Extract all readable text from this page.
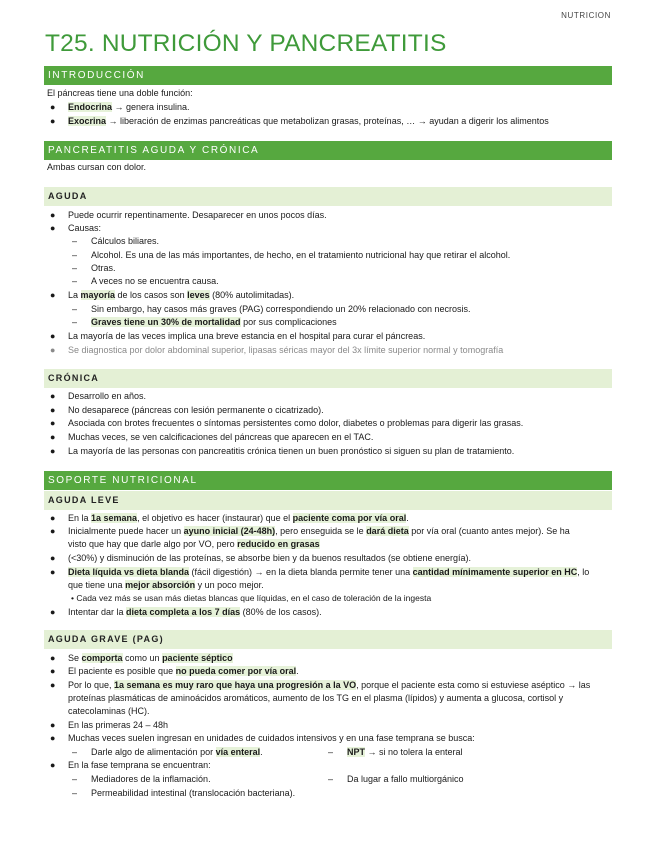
NUTRICION
T25. NUTRICIÓN Y PANCREATITIS
INTRODUCCIÓN
El páncreas tiene una doble función:
● Endocrina → genera insulina.
● Exocrina → liberación de enzimas pancreáticas que metabolizan grasas, proteínas, … → ayudan a digerir los alimentos
PANCREATITIS AGUDA Y CRÓNICA
Ambas cursan con dolor.
AGUDA
● Puede ocurrir repentinamente. Desaparecer en unos pocos días.
● Causas:
– Cálculos biliares.
– Alcohol. Es una de las más importantes, de hecho, en el tratamiento nutricional hay que retirar el alcohol.
– Otras.
– A veces no se encuentra causa.
● La mayoría de los casos son leves (80% autolimitadas).
– Sin embargo, hay casos más graves (PAG) correspondiendo un 20% relacionado con necrosis.
– Graves tiene un 30% de mortalidad por sus complicaciones
● La mayoría de las veces implica una breve estancia en el hospital para curar el páncreas.
● Se diagnostica por dolor abdominal superior, lipasas séricas mayor del 3x límite superior normal y tomografía
CRÓNICA
● Desarrollo en años.
● No desaparece (páncreas con lesión permanente o cicatrizado).
● Asociada con brotes frecuentes o síntomas persistentes como dolor, diabetes o problemas para digerir las grasas.
● Muchas veces, se ven calcificaciones del páncreas que aparecen en el TAC.
● La mayoría de las personas con pancreatitis crónica tienen un buen pronóstico si siguen su plan de tratamiento.
SOPORTE NUTRICIONAL
AGUDA LEVE
● En la 1a semana, el objetivo es hacer (instaurar) que el paciente coma por vía oral.
● Inicialmente puede hacer un ayuno inicial (24-48h), pero enseguida se le dará dieta por vía oral (cuanto antes mejor). Se ha
visto que hay que darle algo por VO, pero reducido en grasas
● (<30%) y disminución de las proteínas, se absorbe bien y da buenos resultados (se obtiene energía).
● Dieta líquida vs dieta blanda (fácil digestión) → en la dieta blanda permite tener una cantidad mínimamente superior en HC, lo
que tiene una mejor absorción y un poco mejor.
• Cada vez más se usan más dietas blancas que líquidas, en el caso de toleración de la ingesta
● Intentar dar la dieta completa a los 7 días (80% de los casos).
AGUDA GRAVE (PAG)
● Se comporta como un paciente séptico
● El paciente es posible que no pueda comer por vía oral.
● Por lo que, 1a semana es muy raro que haya una progresión a la VO, porque el paciente esta como si estuviese aséptico → las
proteínas plasmáticas de aminoácidos aromáticos, aumento de los TG en el plasma (lípidos) y aumenta a glucosa, cortisol y
catecolaminas (HC).
● En las primeras 24 – 48h
● Muchas veces suelen ingresan en unidades de cuidados intensivos y en una fase temprana se busca:
– Darle algo de alimentación por vía enteral.	– NPT → si no tolera la enteral
● En la fase temprana se encuentran:
– Mediadores de la inflamación.	– Da lugar a fallo multiorgánico
– Permeabilidad intestinal (translocación bacteriana).
